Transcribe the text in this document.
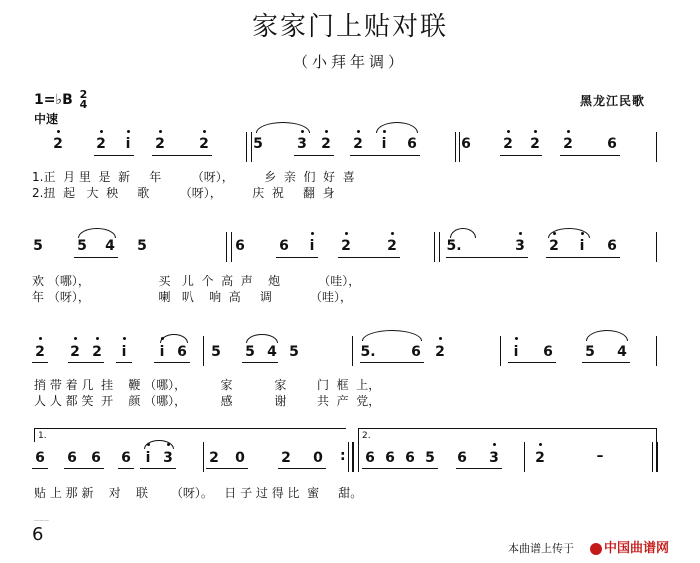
家家门上贴对联
（小拜年调）
1=♭B 2
4
中速
黑龙江民歌
2 2 i 2 2	5 3 2 2 i 6	6 2 2 2 6
1.正  月 里  是  新     年        （呀），        乡  亲  们  好  喜
2.扭  起   大  秧     歌        （呀），        庆  祝     翻  身
5 5 4 5	6 6 i 2	2	5.	3 2 i 6
欢 （哪），                  买   儿  个  高  声    炮          （哇），
年 （呀），                  喇   叭    响  高     调          （哇），
2 2 2 i i 6 5 5 4 5	5.	6 2	i 6 5 4
捎 带 着 几  挂    鞭 （哪），         家           家        门  框  上，
人 人 都 笑  开    颜 （哪），         感           谢        共  产  党，
1.	2.
6 6 6 6 i 3	2 0	2 0 : 6 6 6 5 6 3	2	–
贴 上 那 新    对    联      （呀）。   日 子 过 得 比  蜜     甜。
———
6
本曲谱上传于	中国曲谱网
